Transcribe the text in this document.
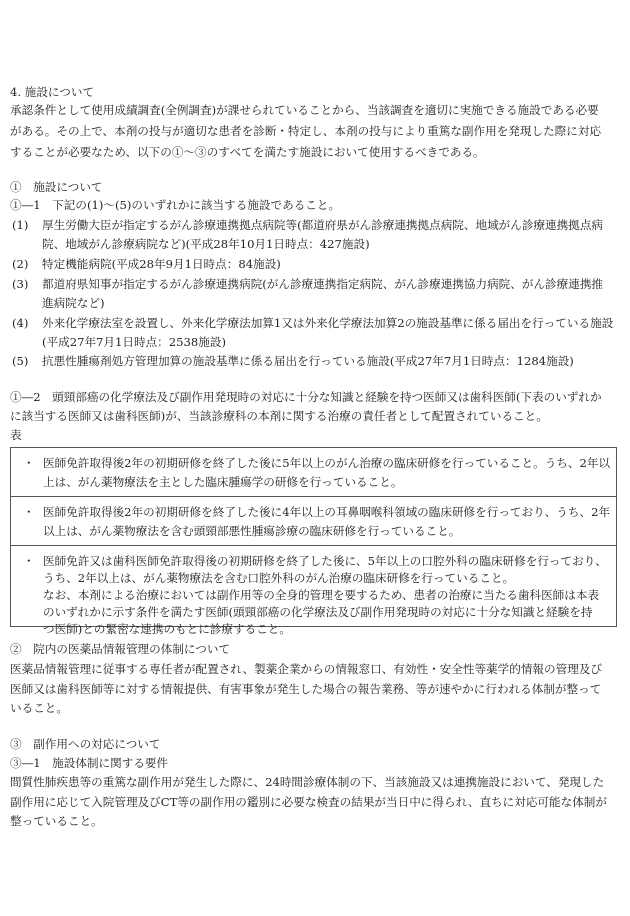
4. 施設について
承認条件として使用成績調査(全例調査)が課せられていることから、当該調査を適切に実施できる施設である必要
がある。その上で、本剤の投与が適切な患者を診断・特定し、本剤の投与により重篤な副作用を発現した際に対応
することが必要なため、以下の①～③のすべてを満たす施設において使用するべきである。
①　施設について
①―1　下記の(1)～(5)のいずれかに該当する施設であること。
(1) 厚生労働大臣が指定するがん診療連携拠点病院等(都道府県がん診療連携拠点病院、地域がん診療連携拠点病
院、地域がん診療病院など)(平成28年10月1日時点：427施設)
(2) 特定機能病院(平成28年9月1日時点：84施設)
(3) 都道府県知事が指定するがん診療連携病院(がん診療連携指定病院、がん診療連携協力病院、がん診療連携推
進病院など)
(4) 外来化学療法室を設置し、外来化学療法加算1又は外来化学療法加算2の施設基準に係る届出を行っている施設
(平成27年7月1日時点：2538施設)
(5) 抗悪性腫瘍剤処方管理加算の施設基準に係る届出を行っている施設(平成27年7月1日時点：1284施設)
①―2　頭頸部癌の化学療法及び副作用発現時の対応に十分な知識と経験を持つ医師又は歯科医師(下表のいずれか
に該当する医師又は歯科医師)が、当該診療科の本剤に関する治療の責任者として配置されていること。
表
・ 医師免許取得後2年の初期研修を終了した後に5年以上のがん治療の臨床研修を行っていること。うち、2年以
上は、がん薬物療法を主とした臨床腫瘍学の研修を行っていること。
・ 医師免許取得後2年の初期研修を終了した後に4年以上の耳鼻咽喉科領域の臨床研修を行っており、うち、2年
以上は、がん薬物療法を含む頭頸部悪性腫瘍診療の臨床研修を行っていること。
・ 医師免許又は歯科医師免許取得後の初期研修を終了した後に、5年以上の口腔外科の臨床研修を行っており、
うち、2年以上は、がん薬物療法を含む口腔外科のがん治療の臨床研修を行っていること。
なお、本剤による治療においては副作用等の全身的管理を要するため、患者の治療に当たる歯科医師は本表
のいずれかに示す条件を満たす医師(頭頸部癌の化学療法及び副作用発現時の対応に十分な知識と経験を持
つ医師)との緊密な連携のもとに診療すること。
②　院内の医薬品情報管理の体制について
医薬品情報管理に従事する専任者が配置され、製薬企業からの情報窓口、有効性・安全性等薬学的情報の管理及び
医師又は歯科医師等に対する情報提供、有害事象が発生した場合の報告業務、等が速やかに行われる体制が整って
いること。
③　副作用への対応について
③―1　施設体制に関する要件
間質性肺疾患等の重篤な副作用が発生した際に、24時間診療体制の下、当該施設又は連携施設において、発現した
副作用に応じて入院管理及びCT等の副作用の鑑別に必要な検査の結果が当日中に得られ、直ちに対応可能な体制が
整っていること。
